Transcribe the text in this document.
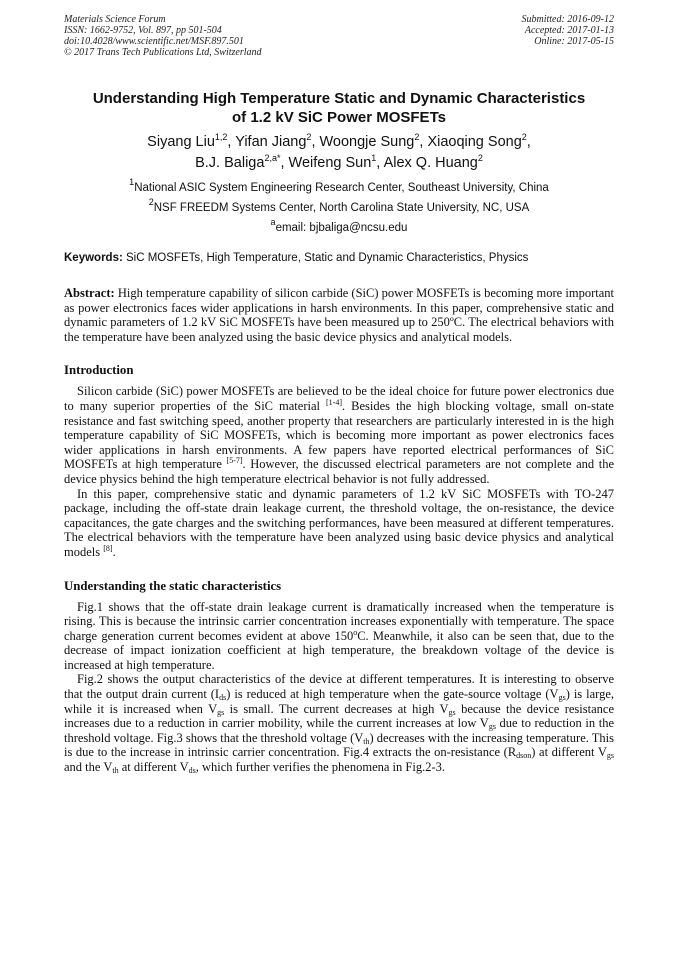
Materials Science Forum
ISSN: 1662-9752, Vol. 897, pp 501-504
doi:10.4028/www.scientific.net/MSF.897.501
© 2017 Trans Tech Publications Ltd, Switzerland
Submitted: 2016-09-12
Accepted: 2017-01-13
Online: 2017-05-15
Understanding High Temperature Static and Dynamic Characteristics
of 1.2 kV SiC Power MOSFETs
Siyang Liu$^{1,2}$, Yifan Jiang$^2$, Woongje Sung$^2$, Xiaoqing Song$^2$,
B.J. Baliga$^{2,a*}$, Weifeng Sun$^1$, Alex Q. Huang$^2$

$^1$National ASIC System Engineering Research Center, Southeast University, China

$^2$NSF FREEDM Systems Center, North Carolina State University, NC, USA

$^a$email: bjbaliga@ncsu.edu

Keywords: SiC MOSFETs, High Temperature, Static and Dynamic Characteristics, Physics
Abstract: High temperature capability of silicon carbide (SiC) power MOSFETs is becoming more important as power electronics faces wider applications in harsh environments. In this paper, comprehensive static and dynamic parameters of 1.2 kV SiC MOSFETs have been measured up to 250ºC. The electrical behaviors with the temperature have been analyzed using the basic device physics and analytical models.
Introduction

Silicon carbide (SiC) power MOSFETs are believed to be the ideal choice for future power electronics due to many superior properties of the SiC material [1-4]. Besides the high blocking voltage, small on-state resistance and fast switching speed, another property that researchers are particularly interested in is the high temperature capability of SiC MOSFETs, which is becoming more important as power electronics faces wider applications in harsh environments. A few papers have reported electrical performances of SiC MOSFETs at high temperature [5-7]. However, the discussed electrical parameters are not complete and the device physics behind the high temperature electrical behavior is not fully addressed.

In this paper, comprehensive static and dynamic parameters of 1.2 kV SiC MOSFETs with TO-247 package, including the off-state drain leakage current, the threshold voltage, the on-resistance, the device capacitances, the gate charges and the switching performances, have been measured at different temperatures. The electrical behaviors with the temperature have been analyzed using basic device physics and analytical models [8].

Understanding the static characteristics

Fig.1 shows that the off-state drain leakage current is dramatically increased when the temperature is rising. This is because the intrinsic carrier concentration increases exponentially with temperature. The space charge generation current becomes evident at above 150$^o$C. Meanwhile, it also can be seen that, due to the decrease of impact ionization coefficient at high temperature, the breakdown voltage of the device is increased at high temperature.

Fig.2 shows the output characteristics of the device at different temperatures. It is interesting to observe that the output drain current $(I_{ds})$ is reduced at high temperature when the gate-source voltage $(V_{gs})$ is large, while it is increased when $V_{gs}$ is small. The current decreases at high $V_{gs}$ because the device resistance increases due to a reduction in carrier mobility, while the current increases at low $V_{gs}$ due to reduction in the threshold voltage. Fig.3 shows that the threshold voltage $(V_{th})$ decreases with the increasing temperature. This is due to the increase in intrinsic carrier concentration. Fig.4 extracts the on-resistance $(R_{dson})$ at different $V_{gs}$ and the $V_{th}$ at different $V_{ds}$, which further verifies the phenomena in Fig.2-3.
